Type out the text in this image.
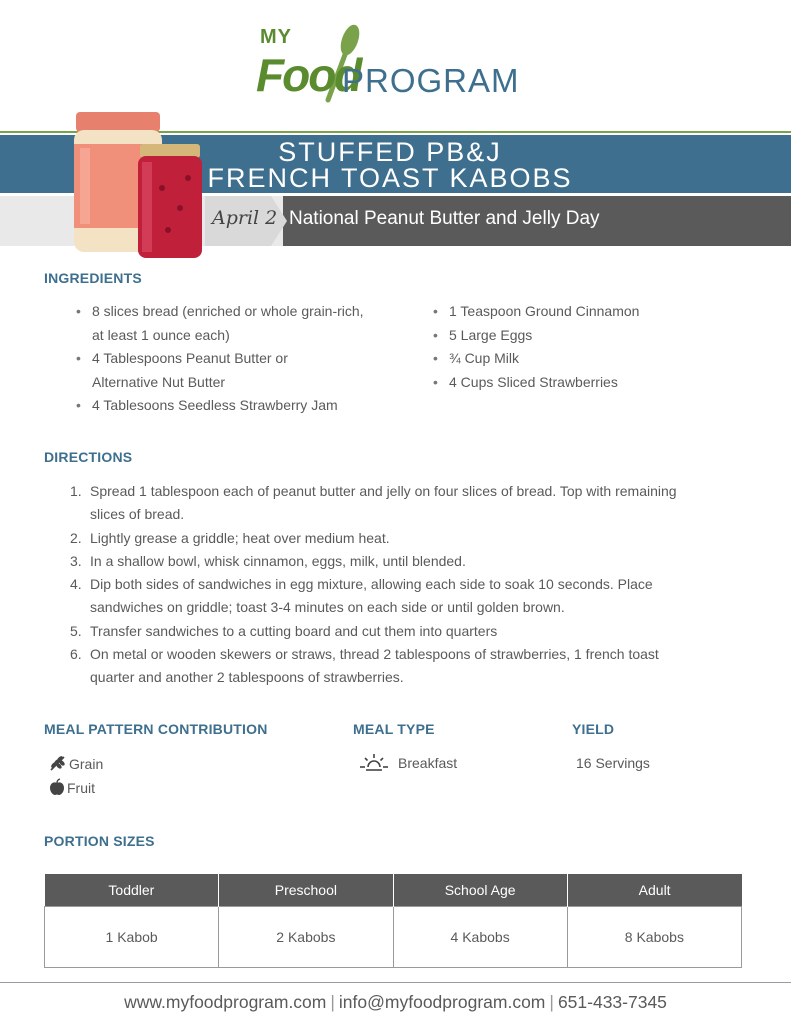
MY
Food
PROGRAM
STUFFED PB&J
FRENCH TOAST KABOBS
April 2 National Peanut Butter and Jelly Day
INGREDIENTS
• 8 slices bread (enriched or whole grain-rich,
at least 1 ounce each)
• 4 Tablespoons Peanut Butter or
Alternative Nut Butter
• 4 Tablesoons Seedless Strawberry Jam
• 1 Teaspoon Ground Cinnamon
• 5 Large Eggs
• ¾ Cup Milk
• 4 Cups Sliced Strawberries
DIRECTIONS
1. Spread 1 tablespoon each of peanut butter and jelly on four slices of bread. Top with remaining
slices of bread.
2. Lightly grease a griddle; heat over medium heat.
3. In a shallow bowl, whisk cinnamon, eggs, milk, until blended.
4. Dip both sides of sandwiches in egg mixture, allowing each side to soak 10 seconds. Place
sandwiches on griddle; toast 3-4 minutes on each side or until golden brown.
5. Transfer sandwiches to a cutting board and cut them into quarters
6. On metal or wooden skewers or straws, thread 2 tablespoons of strawberries, 1 french toast
quarter and another 2 tablespoons of strawberries.
MEAL PATTERN CONTRIBUTION
Grain
Fruit
MEAL TYPE
Breakfast
YIELD
16 Servings
PORTION SIZES
Toddler	Preschool	School Age	Adult
1 Kabob	2 Kabobs	4 Kabobs	8 Kabobs
www.myfoodprogram.com | info@myfoodprogram.com | 651-433-7345
